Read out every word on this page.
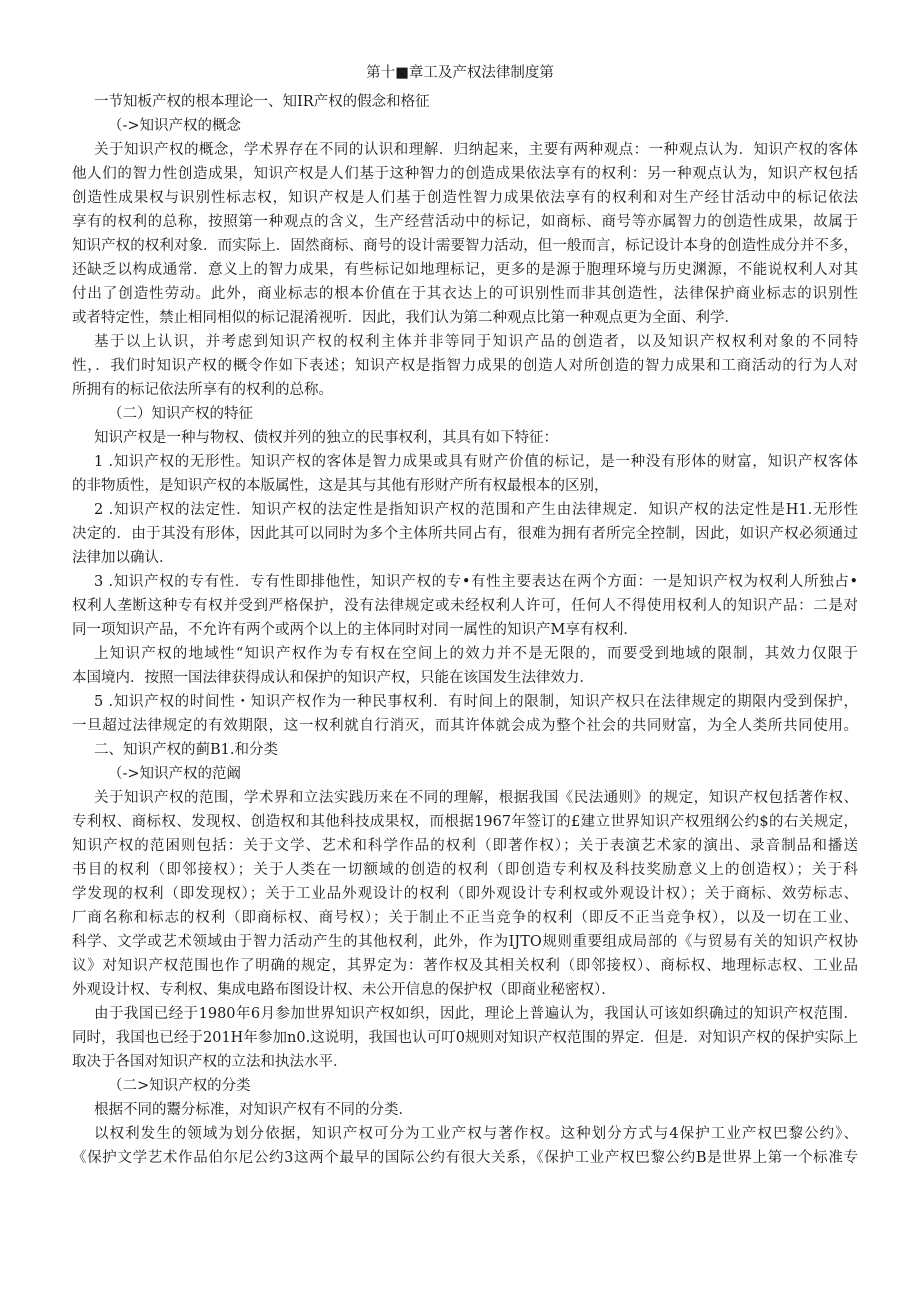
第十■章工及产权法律制度第
一节知板产权的根本理论一、知IR产权的假念和格征
（->知识产权的概念
关于知识产权的概念，学术界存在不同的认识和理解．归纳起来，主要有两种观点：一种观点认为．知识产权的客体
他人们的智力性创造成果，知识产权是人们基于这种智力的创造成果依法享有的权利：另一种观点认为，知识产权包括
创造性成果权与识别性标志权，知识产权是人们基于创造性智力成果依法享有的权利和对生产经甘活动中的标记依法
享有的权利的总称，按照第一种观点的含义，生产经营活动中的标记，如商标、商号等亦属智力的创造性成果，故属于
知识产权的权利对象．而实际上．固然商标、商号的设计需要智力活动，但一般而言，标记设计本身的创造性成分并不多，
还缺乏以构成通常．意义上的智力成果，有些标记如地理标记，更多的是源于胞理环境与历史渊源，不能说权利人对其
付出了创造性劳动。此外，商业标志的根本价值在于其衣达上的可识别性而非其创造性，法律保护商业标志的识别性
或者特定性，禁止相同相似的标记混淆视听．因此，我们认为第二种观点比第一种观点更为全面、利学．
基于以上认识，并考虑到知识产权的权利主体并非等同于知识产品的创造者，以及知识产权权利对象的不同特
性，．我们时知识产权的概令作如下表述；知识产权是指智力成果的创造人对所创造的智力成果和工商活动的行为人对
所拥有的标记依法所享有的权利的总称。
（二）知识产权的特征
知识产权是一种与物权、债权并列的独立的民事权利，其具有如下特征：
1 .知识产权的无形性。知识产权的客体是智力成果或具有财产价值的标记，是一种没有形体的财富，知识产权客体
的非物质性，是知识产权的本版属性，这是其与其他有形财产所有权最根本的区别，
2 .知识产权的法定性．知识产权的法定性是指知识产权的范围和产生由法律规定．知识产权的法定性是H1.无形性
决定的．由于其没有形体，因此其可以同时为多个主体所共同占有，很难为拥有者所完全控制，因此，如识产权必须通过
法律加以确认．
3 .知识产权的专有性．专有性即排他性，知识产权的专•有性主要表达在两个方面：一是知识产权为权利人所独占•
权利人垄断这种专有权并受到严格保护，没有法律规定或未经权利人许可，任何人不得使用权利人的知识产品：二是对
同一项知识产品，不允许有两个或两个以上的主体同时对同一属性的知识产M享有权利．
上知识产权的地域性“知识产权作为专有权在空间上的效力并不是无限的，而要受到地域的限制，其效力仅限于
本国境内．按照一国法律获得成认和保护的知识产权，只能在该国发生法律效力．
5 .知识产权的时间性・知识产权作为一种民事权利．有时间上的限制，知识产权只在法律规定的期限内受到保护，
一旦超过法律规定的有效期限，这一权利就自行消灭，而其许体就会成为整个社会的共同财富，为全人类所共同使用。
二、知识产权的蓟B1.和分类
（->知识产权的范阚
关于知识产权的范围，学术界和立法实践历来在不同的理解，根据我国《民法通则》的规定，知识产权包括著作权、
专利权、商标权、发现权、创造权和其他科技成果权，而根据1967年签订的£建立世界知识产权殂纲公约$的右关规定，
知识产权的范困则包括：关于文学、艺术和科学作品的权利（即著作权）；关于表演艺术家的演出、录音制品和播送
书目的权利（即邻接权）；关于人类在一切额域的创造的权利（即创造专利权及科技奖励意义上的创造权）；关于科
学发现的权利（即发现权）；关于工业品外观设计的权利（即外观设计专利权或外观设计权）；关于商标、效劳标志、
厂商名称和标志的权利（即商标权、商号权）；关于制止不正当竞争的权利（即反不正当竞争权），以及一切在工业、
科学、文学或艺术领域由于智力活动产生的其他权利，此外，作为IJTO规则重要组成局部的《与贸易有关的知识产权协
议》对知识产权范围也作了明确的规定，其界定为：著作权及其相关权利（即邻接权）、商标权、地理标志权、工业品
外观设计权、专利权、集成电路布图设计权、未公开信息的保护权（即商业秘密权）．
由于我国已经于1980年6月参加世界知识产权如织，因此，理论上普遍认为，我国认可该如织确过的知识产权范围．
同时，我国也已经于201H年参加n0.这说明，我国也认可叮0规则对知识产权范围的界定．但是．对知识产权的保护实际上
取决于各国对知识产权的立法和执法水平．
（二>知识产权的分类
根据不同的鬻分标准，对知识产权有不同的分类．
以权利发生的领域为划分依据，知识产权可分为工业产权与著作权。这种划分方式与4保护工业产权巴黎公约》、
《保护文学艺术作品伯尔尼公约3这两个最早的国际公约有很大关系，《保护工业产权巴黎公约B是世界上第一个标准专
